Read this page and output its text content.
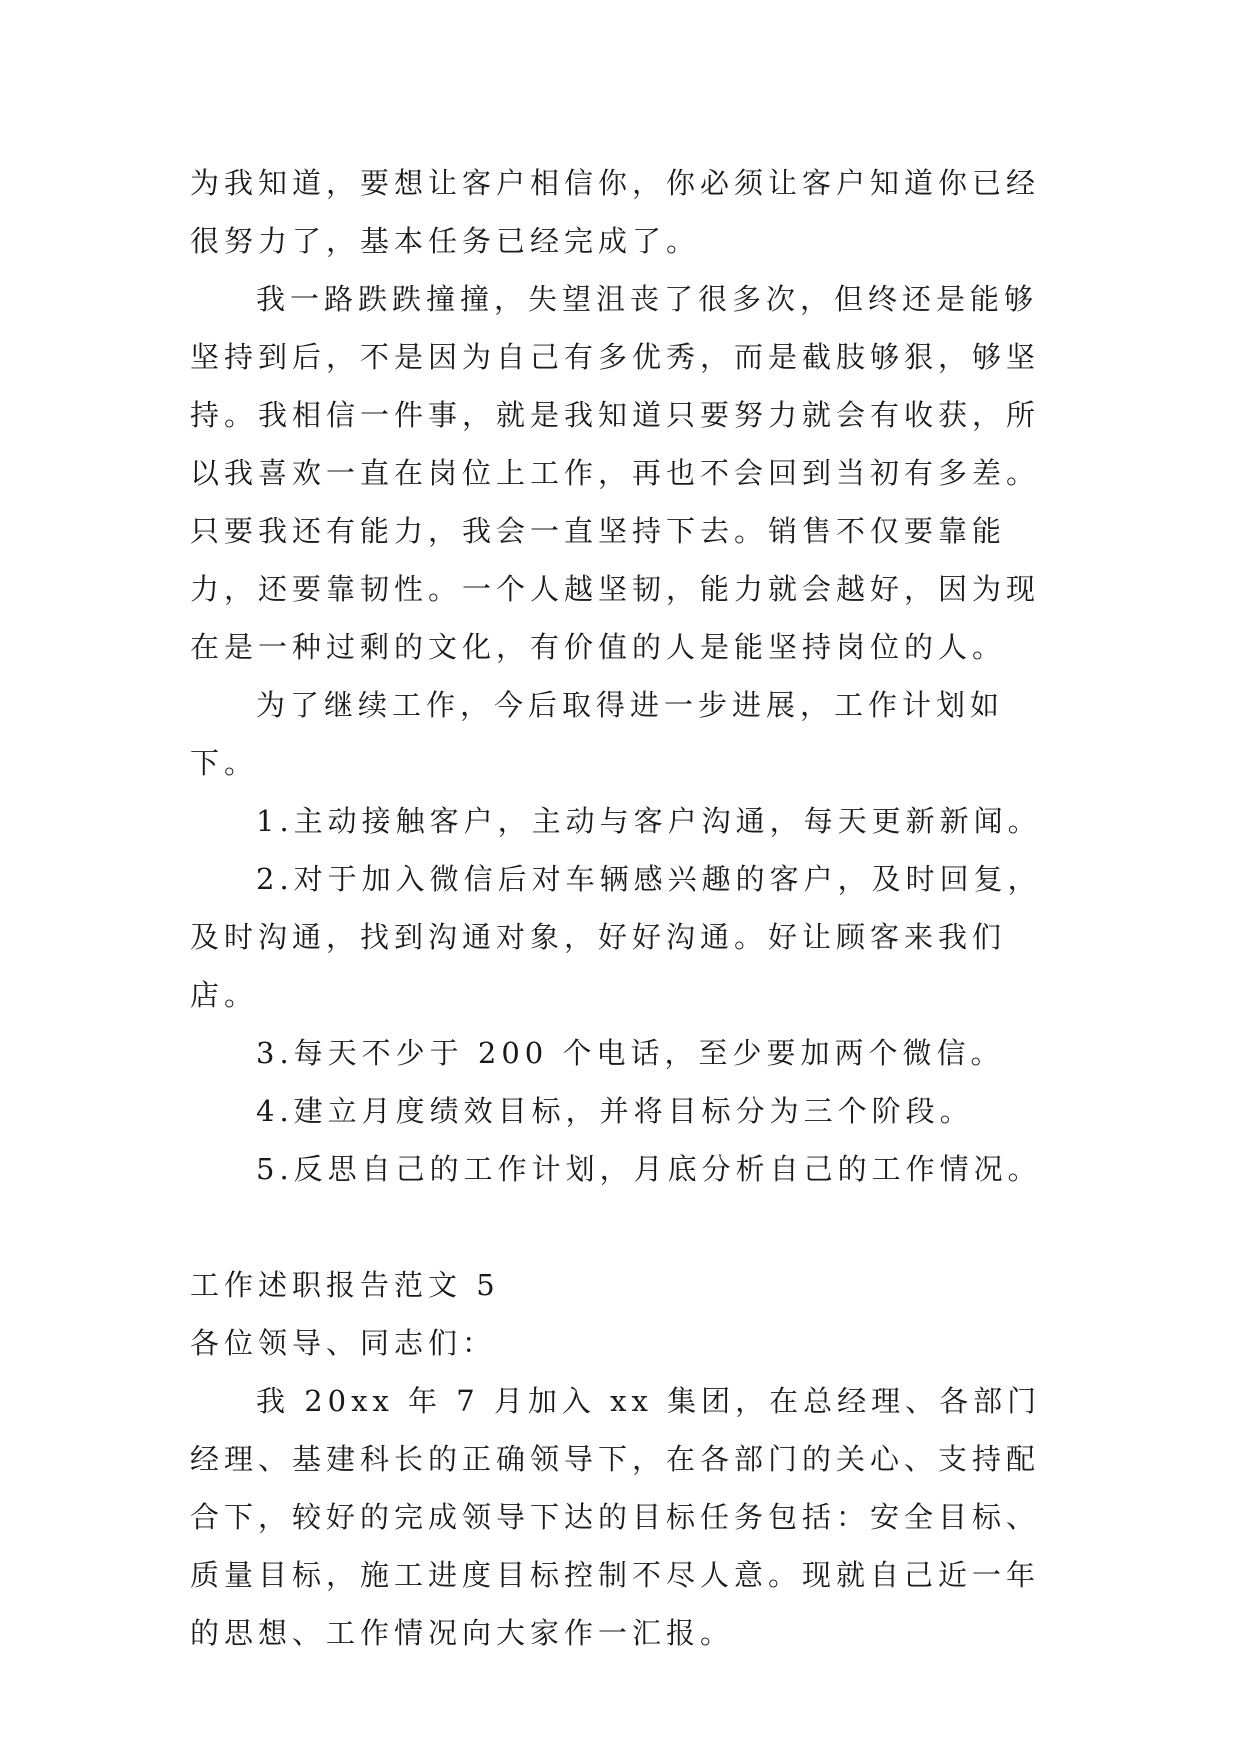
为我知道，要想让客户相信你，你必须让客户知道你已经很努力了，基本任务已经完成了。

我一路跌跌撞撞，失望沮丧了很多次，但终还是能够坚持到后，不是因为自己有多优秀，而是截肢够狠，够坚持。我相信一件事，就是我知道只要努力就会有收获，所以我喜欢一直在岗位上工作，再也不会回到当初有多差。只要我还有能力，我会一直坚持下去。销售不仅要靠能力，还要靠韧性。一个人越坚韧，能力就会越好，因为现在是一种过剩的文化，有价值的人是能坚持岗位的人。

为了继续工作，今后取得进一步进展，工作计划如下。

1.主动接触客户，主动与客户沟通，每天更新新闻。

2.对于加入微信后对车辆感兴趣的客户，及时回复，及时沟通，找到沟通对象，好好沟通。好让顾客来我们店。

3.每天不少于 200 个电话，至少要加两个微信。

4.建立月度绩效目标，并将目标分为三个阶段。

5.反思自己的工作计划，月底分析自己的工作情况。

工作述职报告范文 5

各位领导、同志们：

我 20xx 年 7 月加入 xx 集团，在总经理、各部门经理、基建科长的正确领导下，在各部门的关心、支持配合下，较好的完成领导下达的目标任务包括：安全目标、质量目标，施工进度目标控制不尽人意。现就自己近一年的思想、工作情况向大家作一汇报。
